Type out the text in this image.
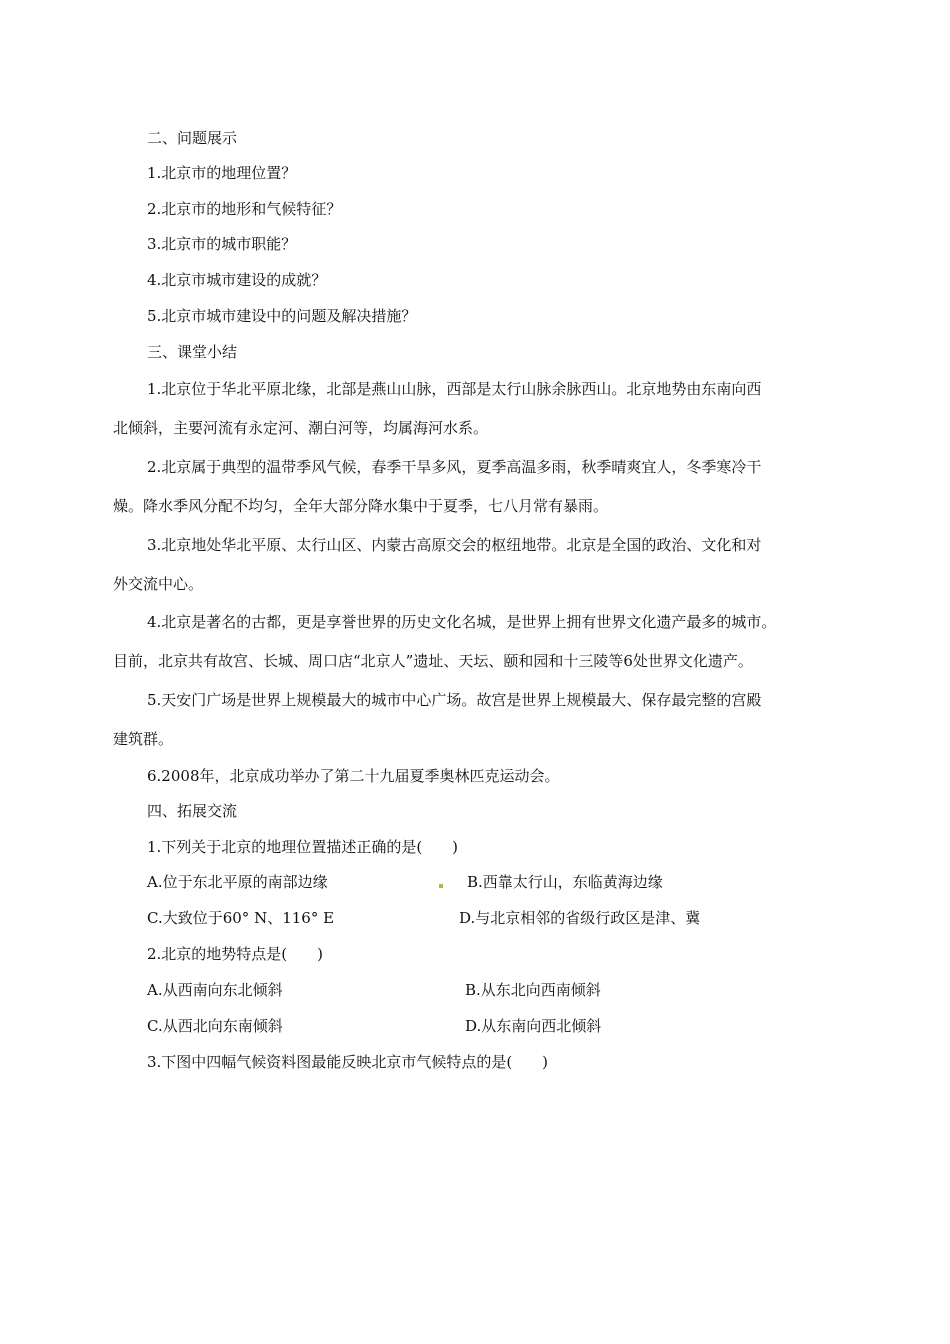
二、问题展示
1.北京市的地理位置？
2.北京市的地形和气候特征？
3.北京市的城市职能？
4.北京市城市建设的成就？
5.北京市城市建设中的问题及解决措施？
三、课堂小结
1.北京位于华北平原北缘，北部是燕山山脉，西部是太行山脉余脉西山。北京地势由东南向西
北倾斜，主要河流有永定河、潮白河等，均属海河水系。
2.北京属于典型的温带季风气候，春季干旱多风，夏季高温多雨，秋季晴爽宜人，冬季寒冷干
燥。降水季风分配不均匀，全年大部分降水集中于夏季，七八月常有暴雨。
3.北京地处华北平原、太行山区、内蒙古高原交会的枢纽地带。北京是全国的政治、文化和对
外交流中心。
4.北京是著名的古都，更是享誉世界的历史文化名城，是世界上拥有世界文化遗产最多的城市。
目前，北京共有故宫、长城、周口店“北京人”遗址、天坛、颐和园和十三陵等6处世界文化遗产。
5.天安门广场是世界上规模最大的城市中心广场。故宫是世界上规模最大、保存最完整的宫殿
建筑群。
6.2008年，北京成功举办了第二十九届夏季奥林匹克运动会。
四、拓展交流
1.下列关于北京的地理位置描述正确的是(　　)
A.位于东北平原的南部边缘	B.西靠太行山，东临黄海边缘
C.大致位于60° N、116° E	D.与北京相邻的省级行政区是津、冀
2.北京的地势特点是(　　)
A.从西南向东北倾斜	B.从东北向西南倾斜
C.从西北向东南倾斜	D.从东南向西北倾斜
3.下图中四幅气候资料图最能反映北京市气候特点的是(　　)
